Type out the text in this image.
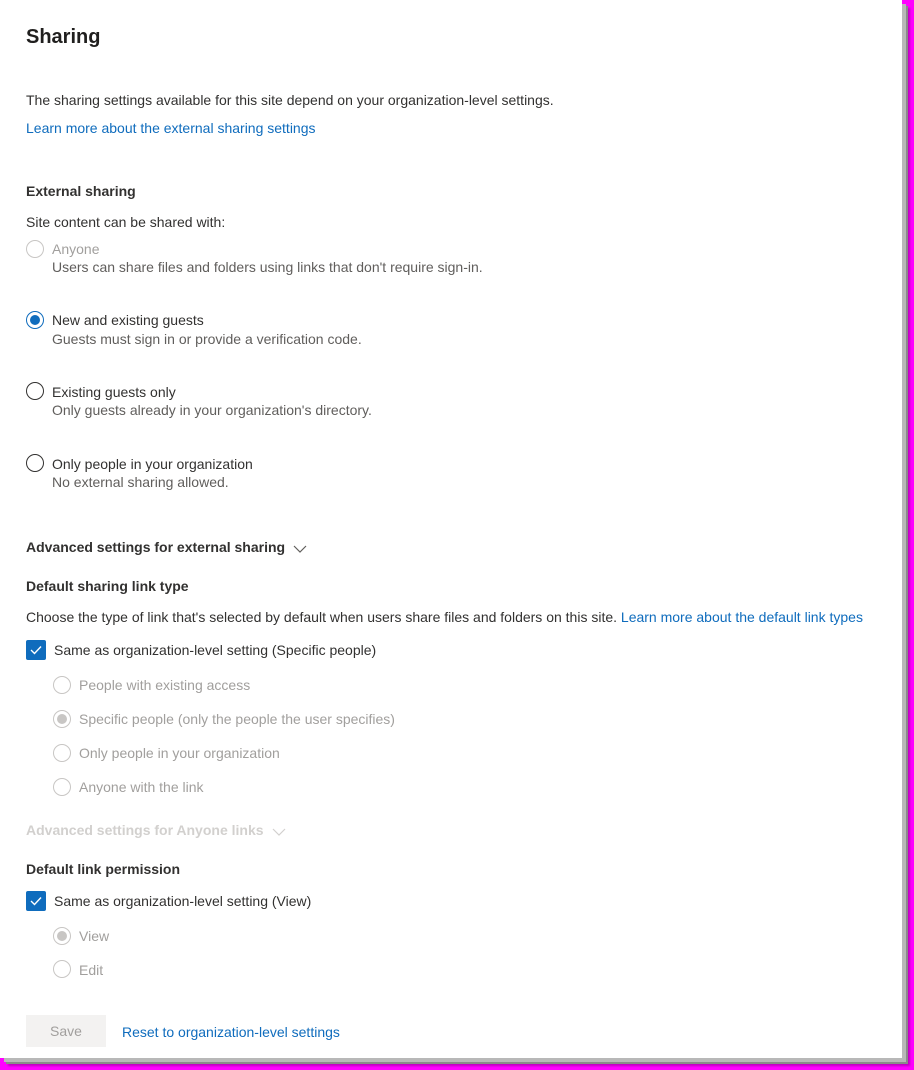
Sharing
The sharing settings available for this site depend on your organization-level settings.
Learn more about the external sharing settings
External sharing
Site content can be shared with:
Anyone
Users can share files and folders using links that don't require sign-in.
New and existing guests
Guests must sign in or provide a verification code.
Existing guests only
Only guests already in your organization's directory.
Only people in your organization
No external sharing allowed.
Advanced settings for external sharing
Default sharing link type
Choose the type of link that's selected by default when users share files and folders on this site. Learn more about the default link types
Same as organization-level setting (Specific people)
People with existing access
Specific people (only the people the user specifies)
Only people in your organization
Anyone with the link
Advanced settings for Anyone links
Default link permission
Same as organization-level setting (View)
View
Edit
Save	Reset to organization-level settings
